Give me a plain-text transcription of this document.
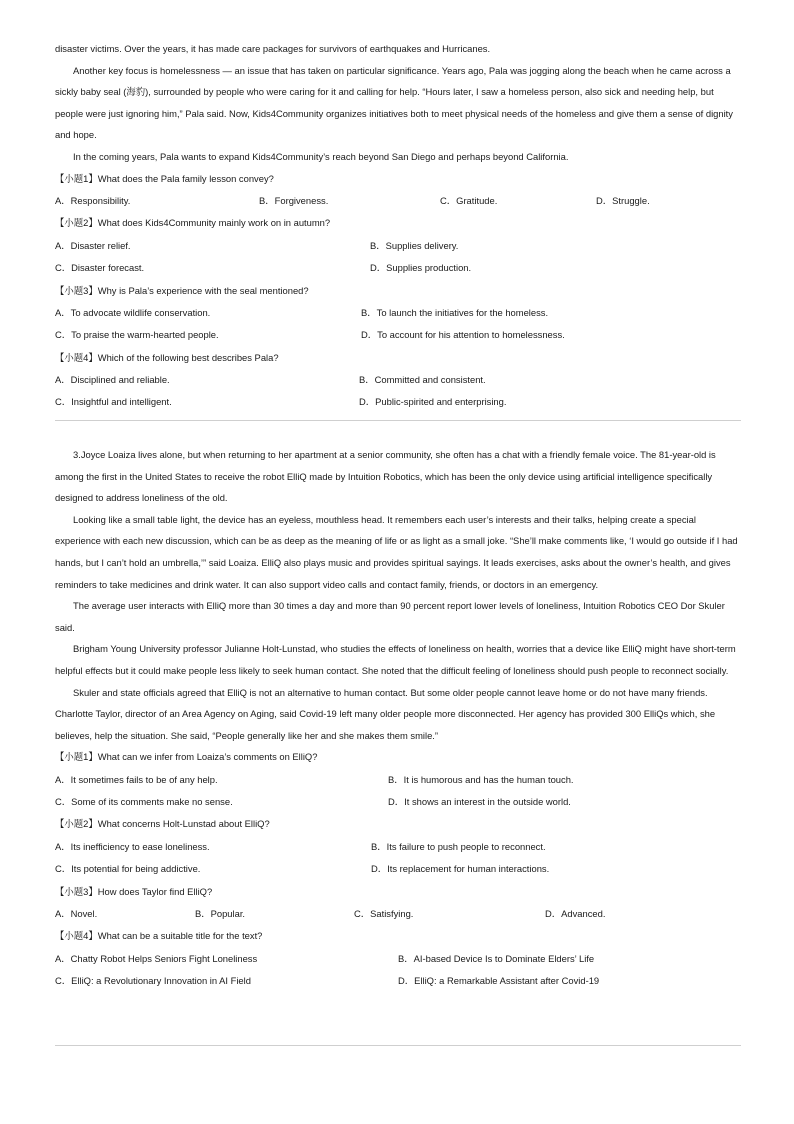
disaster victims. Over the years, it has made care packages for survivors of earthquakes and Hurricanes.

Another key focus is homelessness — an issue that has taken on particular significance. Years ago, Pala was jogging along the beach when he came across a sickly baby seal (海豹), surrounded by people who were caring for it and calling for help. “Hours later, I saw a homeless person, also sick and needing help, but people were just ignoring him,” Pala said. Now, Kids4Community organizes initiatives both to meet physical needs of the homeless and give them a sense of dignity and hope.

In the coming years, Pala wants to expand Kids4Community’s reach beyond San Diego and perhaps beyond California.

【小题1】What does the Pala family lesson convey?
A．Responsibility.	B．Forgiveness.	C．Gratitude.	D．Struggle.
【小题2】What does Kids4Community mainly work on in autumn?
A．Disaster relief.	B．Supplies delivery.
C．Disaster forecast.	D．Supplies production.
【小题3】Why is Pala’s experience with the seal mentioned?
A．To advocate wildlife conservation.	B．To launch the initiatives for the homeless.
C．To praise the warm-hearted people.	D．To account for his attention to homelessness.
【小题4】Which of the following best describes Pala?
A．Disciplined and reliable.	B．Committed and consistent.
C．Insightful and intelligent.	D．Public-spirited and enterprising.

3.Joyce Loaiza lives alone, but when returning to her apartment at a senior community, she often has a chat with a friendly female voice. The 81-year-old is among the first in the United States to receive the robot ElliQ made by Intuition Robotics, which has been the only device using artificial intelligence specifically designed to address loneliness of the old.

Looking like a small table light, the device has an eyeless, mouthless head. It remembers each user’s interests and their talks, helping create a special experience with each new discussion, which can be as deep as the meaning of life or as light as a small joke. “She’ll make comments like, ‘I would go outside if I had hands, but I can’t hold an umbrella,’” said Loaiza. ElliQ also plays music and provides spiritual sayings. It leads exercises, asks about the owner’s health, and gives reminders to take medicines and drink water. It can also support video calls and contact family, friends, or doctors in an emergency.

The average user interacts with ElliQ more than 30 times a day and more than 90 percent report lower levels of loneliness, Intuition Robotics CEO Dor Skuler said.

Brigham Young University professor Julianne Holt-Lunstad, who studies the effects of loneliness on health, worries that a device like ElliQ might have short-term helpful effects but it could make people less likely to seek human contact. She noted that the difficult feeling of loneliness should push people to reconnect socially.

Skuler and state officials agreed that ElliQ is not an alternative to human contact. But some older people cannot leave home or do not have many friends. Charlotte Taylor, director of an Area Agency on Aging, said Covid-19 left many older people more disconnected. Her agency has provided 300 ElliQs which, she believes, help the situation. She said, “People generally like her and she makes them smile.”

【小题1】What can we infer from Loaiza’s comments on ElliQ?
A．It sometimes fails to be of any help.	B．It is humorous and has the human touch.
C．Some of its comments make no sense.	D．It shows an interest in the outside world.
【小题2】What concerns Holt-Lunstad about ElliQ?
A．Its inefficiency to ease loneliness.	B．Its failure to push people to reconnect.
C．Its potential for being addictive.	D．Its replacement for human interactions.
【小题3】How does Taylor find ElliQ?
A．Novel.	B．Popular.	C．Satisfying.	D．Advanced.
【小题4】What can be a suitable title for the text?
A．Chatty Robot Helps Seniors Fight Loneliness	B．AI-based Device Is to Dominate Elders’ Life
C．ElliQ: a Revolutionary Innovation in AI Field	D．ElliQ: a Remarkable Assistant after Covid-19
